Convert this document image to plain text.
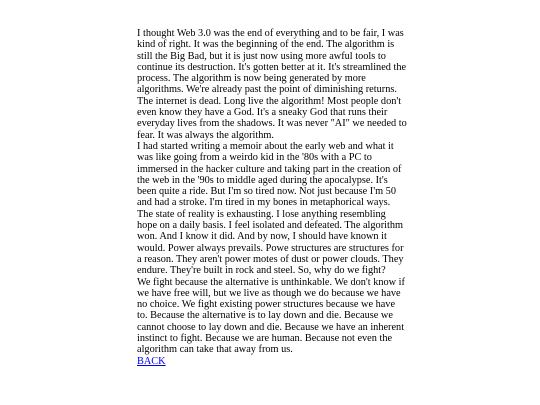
I thought Web 3.0 was the end of everything and to be fair, I was kind of right. It was the beginning of the end. The algorithm is still the Big Bad, but it is just now using more awful tools to continue its destruction. It's gotten better at it. It's streamlined the process. The algorithm is now being generated by more algorithms. We're already past the point of diminishing returns. The internet is dead. Long live the algorithm! Most people don't even know they have a God. It's a sneaky God that runs their everyday lives from the shadows. It was never "AI" we needed to fear. It was always the algorithm.

I had started writing a memoir about the early web and what it was like going from a weirdo kid in the '80s with a PC to immersed in the hacker culture and taking part in the creation of the web in the '90s to middle aged during the apocalypse. It's been quite a ride. But I'm so tired now. Not just because I'm 50 and had a stroke. I'm tired in my bones in metaphorical ways. The state of reality is exhausting. I lose anything resembling hope on a daily basis. I feel isolated and defeated. The algorithm won. And I know it did. And by now, I should have known it would. Power always prevails. Powe structures are structures for a reason. They aren't power motes of dust or power clouds. They endure. They're built in rock and steel. So, why do we fight?

We fight because the alternative is unthinkable. We don't know if we have free will, but we live as though we do because we have no choice. We fight existing power structures because we have to. Because the alternative is to lay down and die. Because we cannot choose to lay down and die. Because we have an inherent instinct to fight. Because we are human. Because not even the algorithm can take that away from us.

BACK
